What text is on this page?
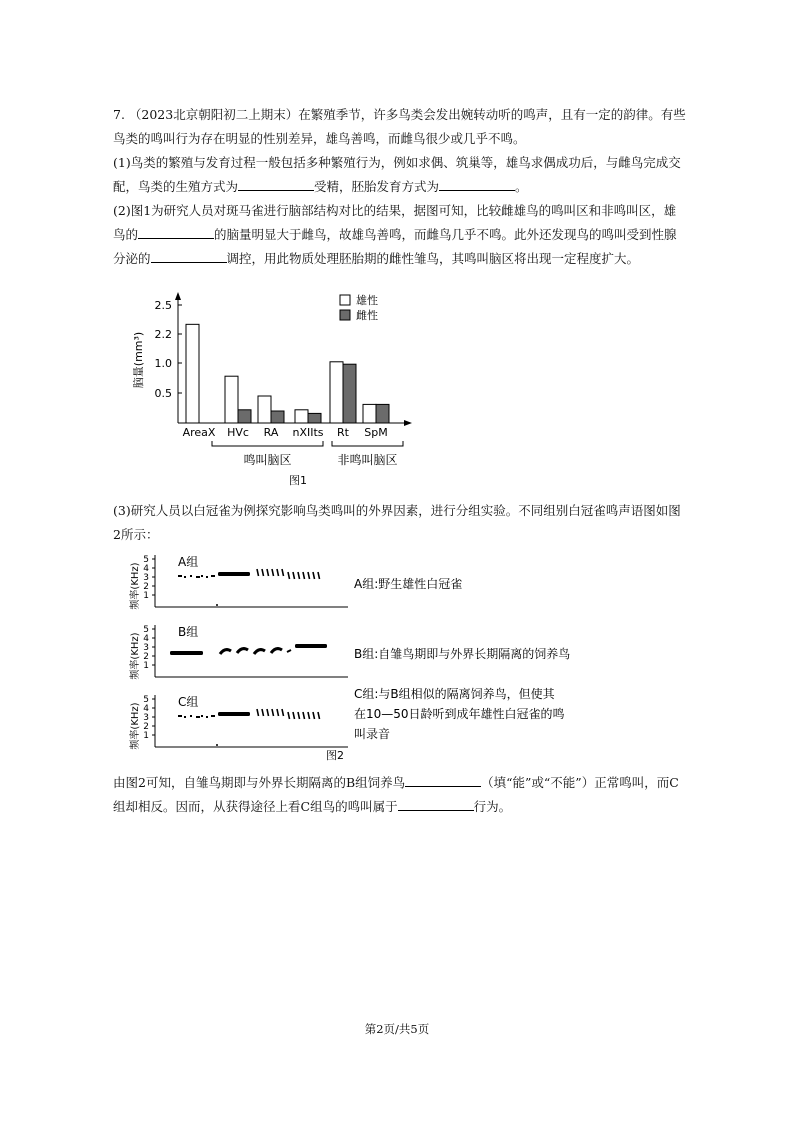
7. （2023北京朝阳初二上期末）在繁殖季节，许多鸟类会发出婉转动听的鸣声，且有一定的韵律。有些鸟类的鸣叫行为存在明显的性别差异，雄鸟善鸣，而雌鸟很少或几乎不鸣。

(1)鸟类的繁殖与发育过程一般包括多种繁殖行为，例如求偶、筑巢等，雄鸟求偶成功后，与雌鸟完成交配，鸟类的生殖方式为	受精，胚胎发育方式为	。

(2)图1为研究人员对斑马雀进行脑部结构对比的结果，据图可知，比较雌雄鸟的鸣叫区和非鸣叫区，雄鸟的	的脑量明显大于雌鸟，故雄鸟善鸣，而雌鸟几乎不鸣。此外还发现鸟的鸣叫受到性腺分泌的	调控，用此物质处理胚胎期的雌性雏鸟，其鸣叫脑区将出现一定程度扩大。

0.5
1.0
2.2
2.5
脑量(mm³)
AreaX HVc RA nXIIts Rt SpM
雄性
雌性
鸣叫脑区	非鸣叫脑区
图1

(3)研究人员以白冠雀为例探究影响鸟类鸣叫的外界因素，进行分组实验。不同组别白冠雀鸣声语图如图2所示：

5
4
3
2
1
频率(KHz)
A组
A组:野生雄性白冠雀
5
4
3
2
1
频率(KHz)
B组
B组:自雏鸟期即与外界长期隔离的饲养鸟
5
4
3
2
1
频率(KHz)
C组
C组:与B组相似的隔离饲养鸟，但使其
在10—50日龄听到成年雄性白冠雀的鸣
叫录音
图2

由图2可知，自雏鸟期即与外界长期隔离的B组饲养鸟	（填“能”或“不能”）正常鸣叫，而C组却相反。因而，从获得途径上看C组鸟的鸣叫属于	行为。

第2页/共5页
